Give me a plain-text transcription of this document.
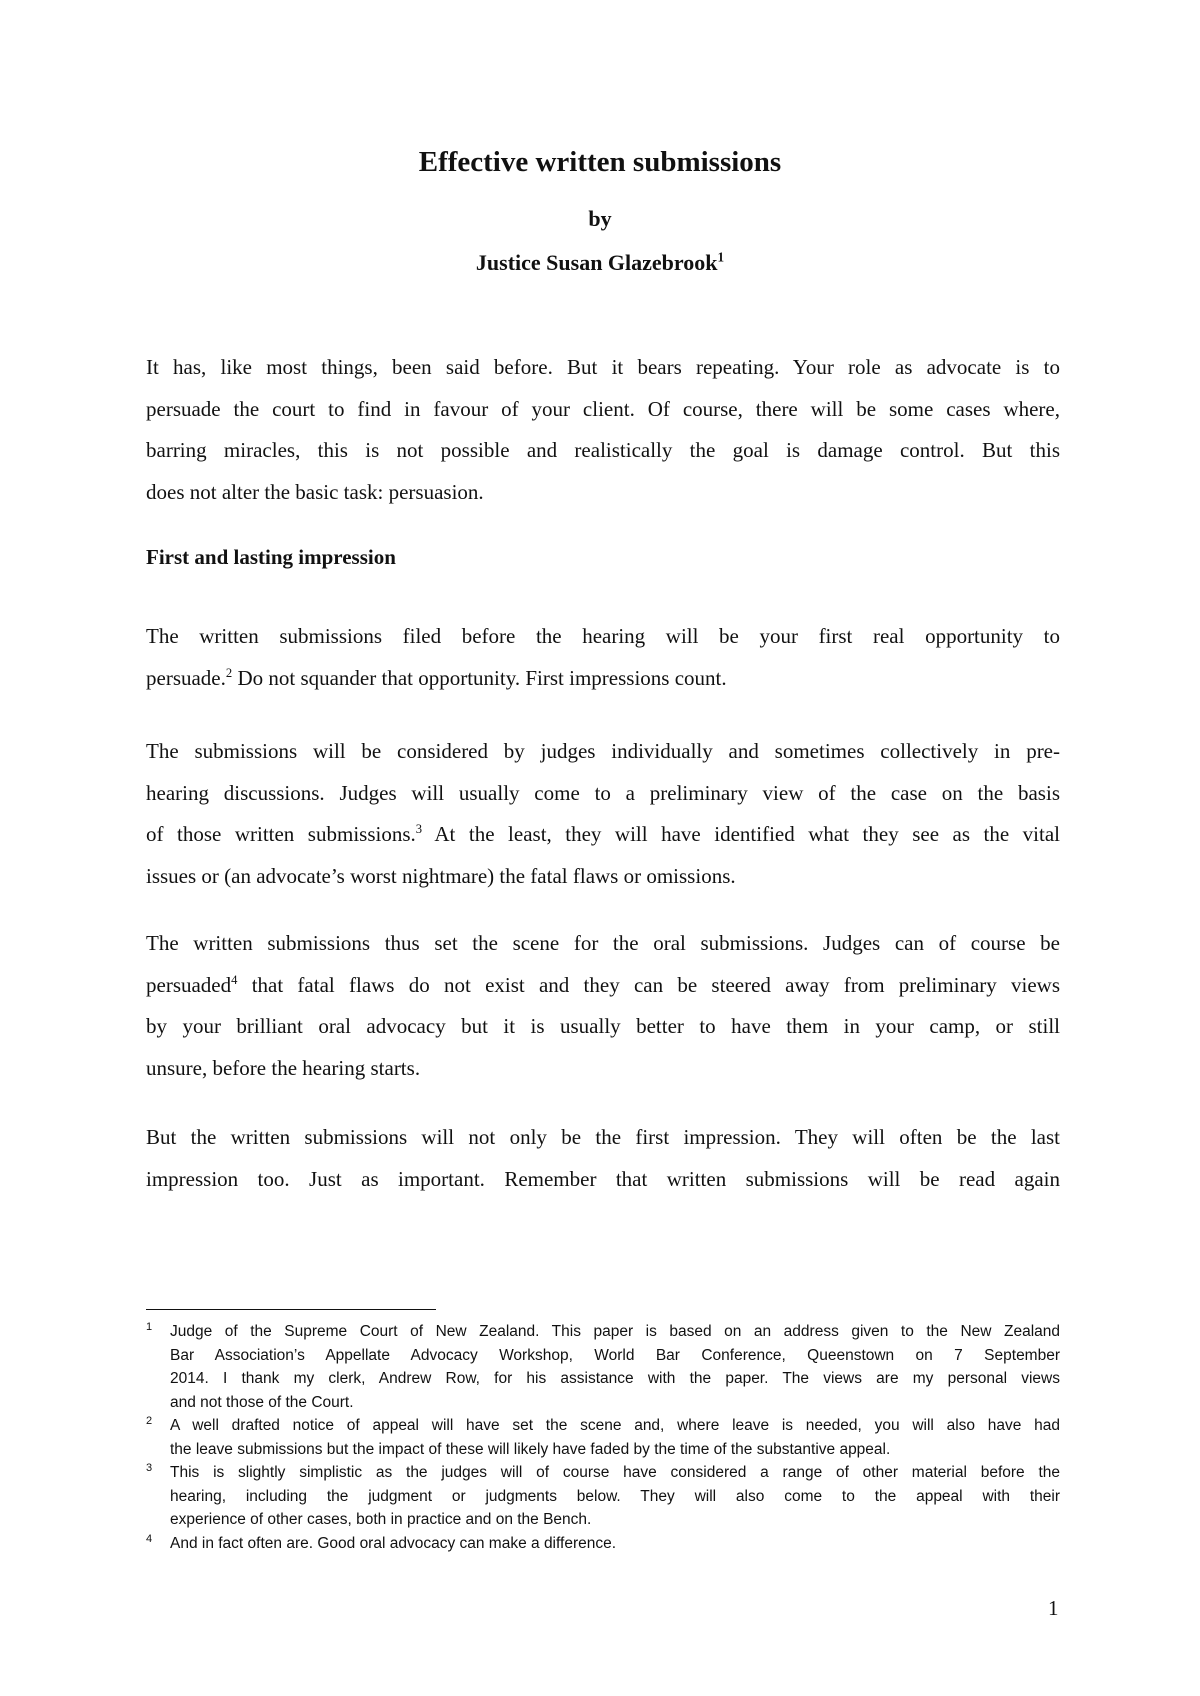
Effective written submissions
by
Justice Susan Glazebrook$^1$
It has, like most things, been said before. But it bears repeating. Your role as advocate is to
persuade the court to find in favour of your client. Of course, there will be some cases where,
barring miracles, this is not possible and realistically the goal is damage control. But this
does not alter the basic task: persuasion.
First and lasting impression
The written submissions filed before the hearing will be your first real opportunity to
persuade.$^2$ Do not squander that opportunity. First impressions count.
The submissions will be considered by judges individually and sometimes collectively in pre-
hearing discussions. Judges will usually come to a preliminary view of the case on the basis
of those written submissions.$^3$ At the least, they will have identified what they see as the vital
issues or (an advocate’s worst nightmare) the fatal flaws or omissions.
The written submissions thus set the scene for the oral submissions. Judges can of course be
persuaded$^4$ that fatal flaws do not exist and they can be steered away from preliminary views
by your brilliant oral advocacy but it is usually better to have them in your camp, or still
unsure, before the hearing starts.
But the written submissions will not only be the first impression. They will often be the last
impression too. Just as important. Remember that written submissions will be read again
1 Judge of the Supreme Court of New Zealand. This paper is based on an address given to the New Zealand
Bar Association’s Appellate Advocacy Workshop, World Bar Conference, Queenstown on 7 September
2014. I thank my clerk, Andrew Row, for his assistance with the paper. The views are my personal views
and not those of the Court.
2 A well drafted notice of appeal will have set the scene and, where leave is needed, you will also have had
the leave submissions but the impact of these will likely have faded by the time of the substantive appeal.
3 This is slightly simplistic as the judges will of course have considered a range of other material before the
hearing, including the judgment or judgments below. They will also come to the appeal with their
experience of other cases, both in practice and on the Bench.
4 And in fact often are. Good oral advocacy can make a difference.
1
